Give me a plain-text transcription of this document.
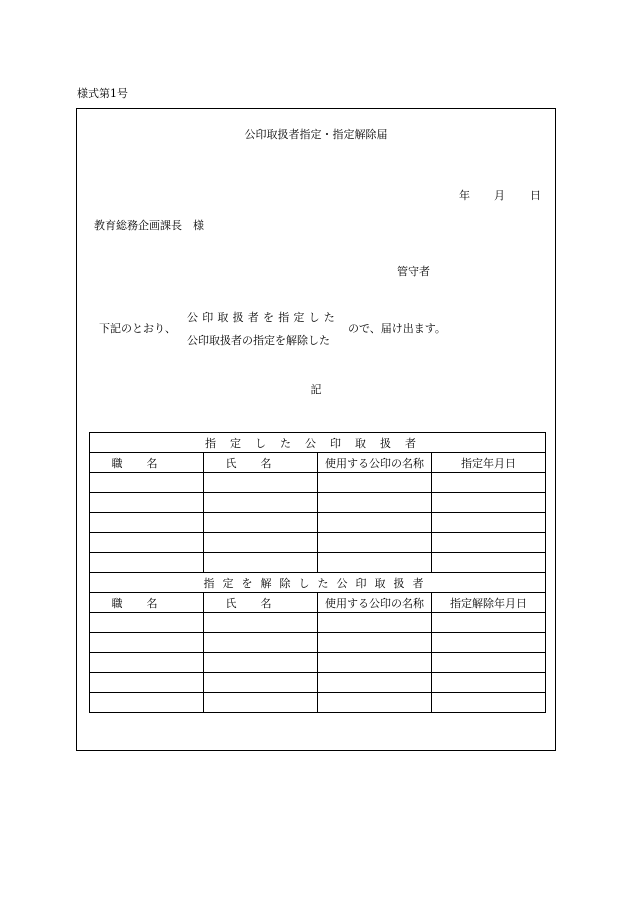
様式第1号
公印取扱者指定・指定解除届
年 月 日
教育総務企画課長　様
管守者
下記のとおり、
公印取扱者を指定した
公印取扱者の指定を解除した
ので、届け出ます。
記
指定した公印取扱者			
職名	氏名	使用する公印の名称	指定年月日

指定を解除した公印取扱者			
職名	氏名	使用する公印の名称	指定解除年月日
